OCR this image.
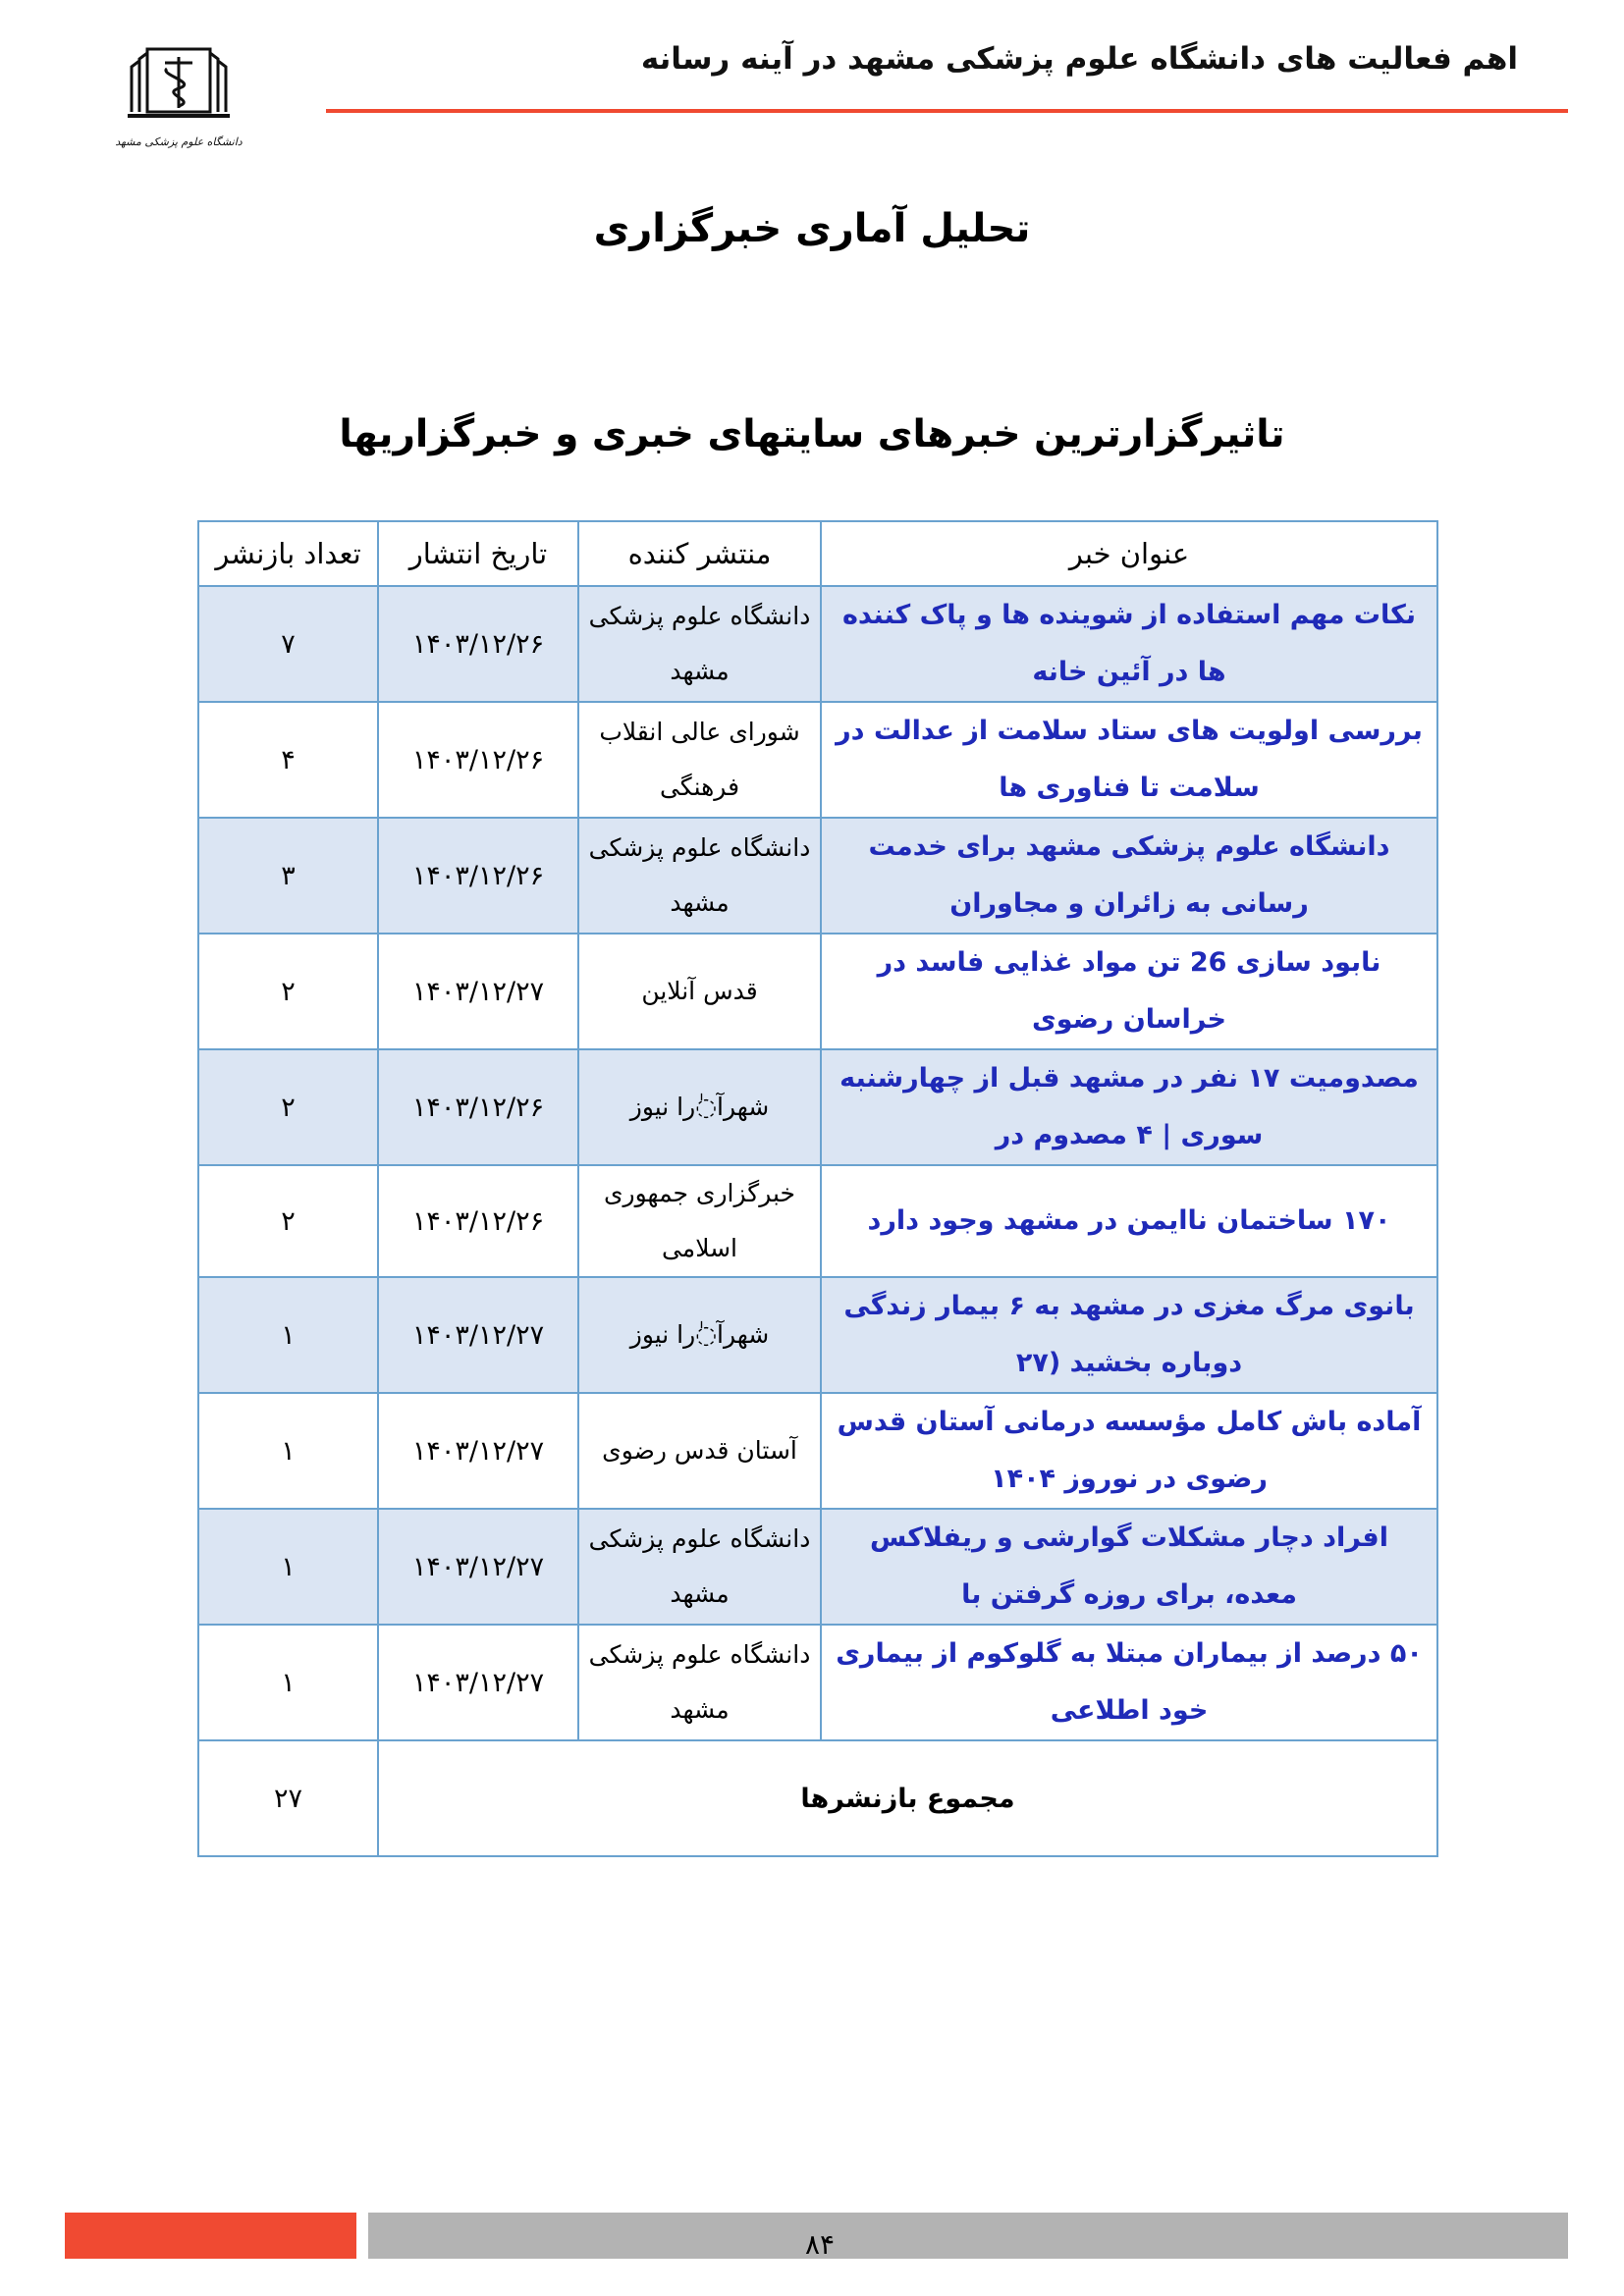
اهم فعالیت های دانشگاه علوم پزشکی مشهد در آینه رسانه
دانشگاه علوم پزشکی مشهد
تحلیل آماری خبرگزاری
تاثیرگزارترین خبرهای سایتهای خبری و خبرگزاریها
عنوان خبر	منتشر کننده	تاریخ انتشار	تعداد بازنشر
نکات مهم استفاده از شوینده ها و پاک کننده ها در آئین خانه	دانشگاه علوم پزشکی مشهد	۱۴۰۳/۱۲/۲۶	۷
بررسی اولویت های ستاد سلامت از عدالت در سلامت تا فناوری ها	شورای عالی انقلاب فرهنگی	۱۴۰۳/۱۲/۲۶	۴
دانشگاه علوم پزشکی مشهد برای خدمت رسانی به زائران و مجاوران	دانشگاه علوم پزشکی مشهد	۱۴۰۳/۱۲/۲۶	۳
نابود سازی 26 تن مواد غذایی فاسد در خراسان رضوی	قدس آنلاین	۱۴۰۳/۱۲/۲۷	۲
مصدومیت ۱۷ نفر در مشهد قبل از چهارشنبه سوری | ۴ مصدوم در	شهرآ◌ٰرا نیوز	۱۴۰۳/۱۲/۲۶	۲
۱۷۰ ساختمان ناایمن در مشهد وجود دارد	خبرگزاری جمهوری اسلامی	۱۴۰۳/۱۲/۲۶	۲
بانوی مرگ مغزی در مشهد به ۶ بیمار زندگی دوباره بخشید (۲۷	شهرآ◌ٰرا نیوز	۱۴۰۳/۱۲/۲۷	۱
آماده باش کامل مؤسسه درمانی آستان قدس رضوی در نوروز ۱۴۰۴	آستان قدس رضوی	۱۴۰۳/۱۲/۲۷	۱
افراد دچار مشکلات گوارشی و ریفلاکس معده، برای روزه گرفتن با	دانشگاه علوم پزشکی مشهد	۱۴۰۳/۱۲/۲۷	۱
۵۰ درصد از بیماران مبتلا به گلوکوم از بیماری خود اطلاعی	دانشگاه علوم پزشکی مشهد	۱۴۰۳/۱۲/۲۷	۱
مجموع بازنشرها			۲۷
۸۴
